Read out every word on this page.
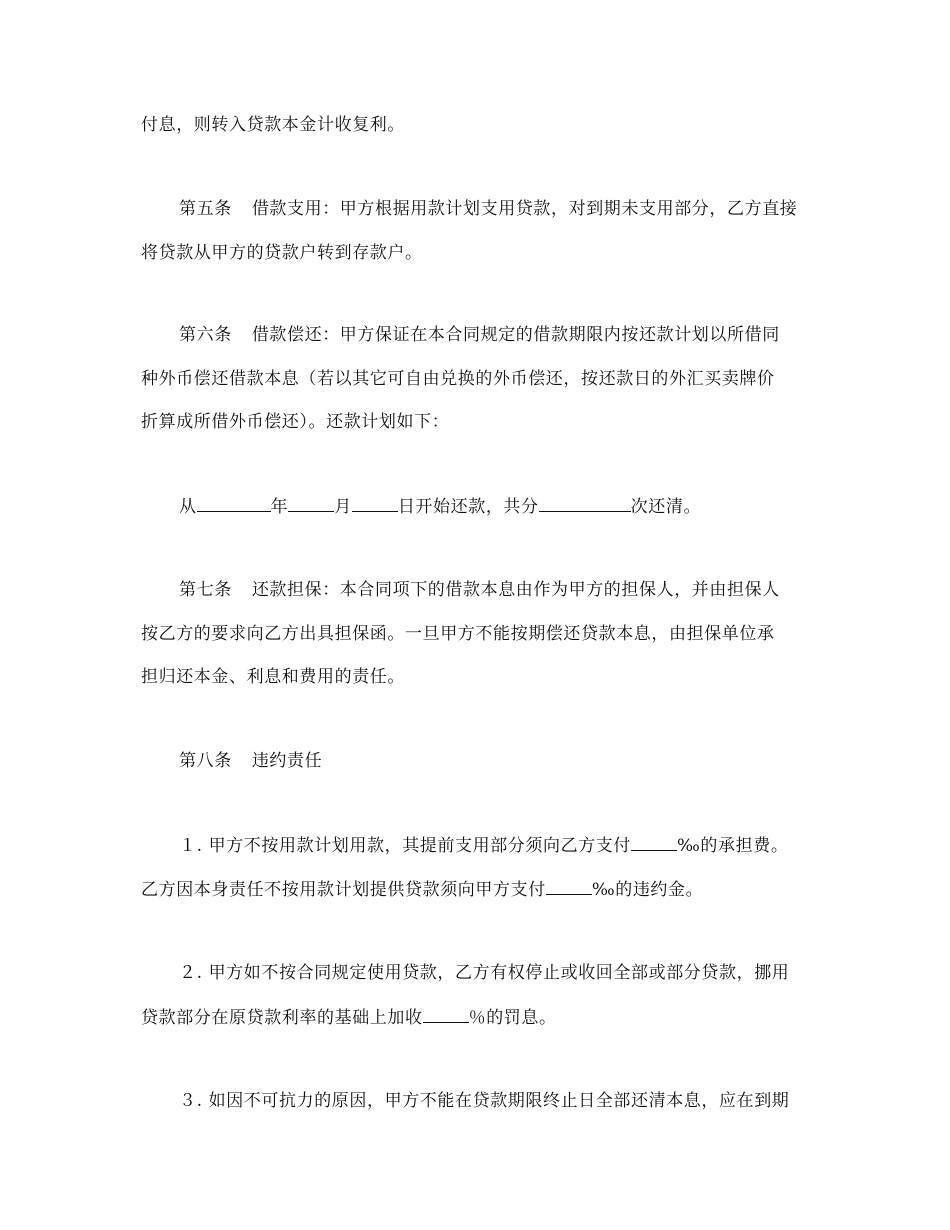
付息，则转入贷款本金计收复利。
第五条 借款支用：甲方根据用款计划支用贷款，对到期未支用部分，乙方直接
将贷款从甲方的贷款户转到存款户。
第六条 借款偿还：甲方保证在本合同规定的借款期限内按还款计划以所借同
种外币偿还借款本息（若以其它可自由兑换的外币偿还，按还款日的外汇买卖牌价
折算成所借外币偿还）。还款计划如下：
从	年	月	日开始还款，共分	次还清。
第七条 还款担保：本合同项下的借款本息由作为甲方的担保人，并由担保人
按乙方的要求向乙方出具担保函。一旦甲方不能按期偿还贷款本息，由担保单位承
担归还本金、利息和费用的责任。
第八条 违约责任
１. 甲方不按用款计划用款，其提前支用部分须向乙方支付	‰的承担费。
乙方因本身责任不按用款计划提供贷款须向甲方支付	‰的违约金。
２. 甲方如不按合同规定使用贷款，乙方有权停止或收回全部或部分贷款，挪用
贷款部分在原贷款利率的基础上加收	％的罚息。
３. 如因不可抗力的原因，甲方不能在贷款期限终止日全部还清本息，应在到期
